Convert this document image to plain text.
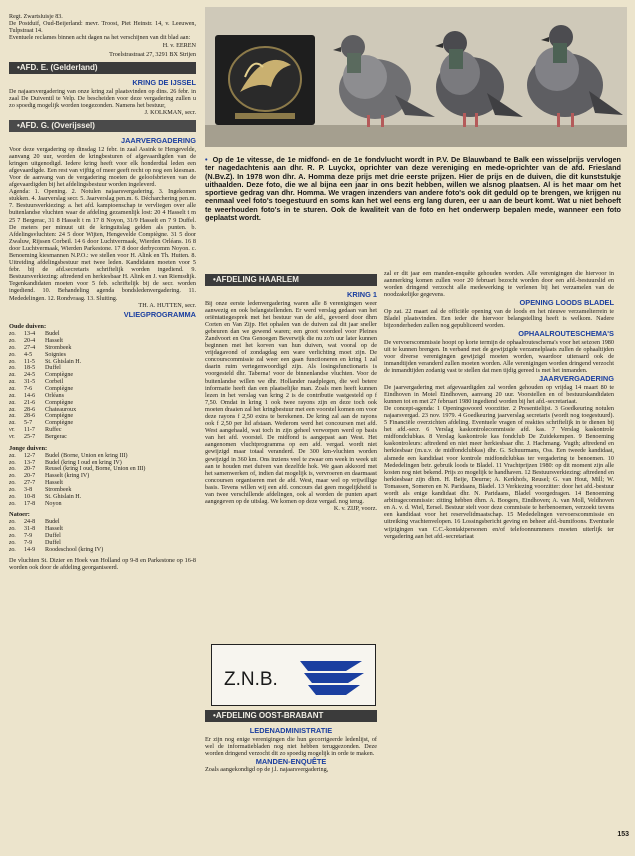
Regt. Zwartsluisje 83.

De Postduif, Oud-Beijerland: mevr. Troost, Piet Heinstr. 14, v. Leeuwen, Tulpstraat 14.

Eventuele reclames binnen acht dagen na het verschijnen van dit blad aan:

H. v. EEREN

Troelstrastraat 27, 3291 BX Strijen

• AFD. E. (Gelderland)
KRING DE IJSSEL

De najaarsvergadering van onze kring zal plaatsvinden op dins. 26 febr. in zaal De Duiventil te Velp. De bescheiden voor deze vergadering zullen u zo spoedig mogelijk worden toegezonden. Namens het bestuur,

J. KOLKMAN, secr.

• AFD. G. (Overijssel)
JAARVERGADERING

Voor deze vergadering op dinsdag 12 febr. in zaal Assink te Hengevelde, aanvang 20 uur, worden de kringbesturen of afgevaardigden van de kringen uitgenodigd. Iedere kring heeft voor elk honderdtal leden een afgevaardigde. Een rest van vijftig of meer geeft recht op nog een kiesman. Voor de aanvang van de vergadering moeten de geloofsbrieven van de afgevaardigden bij het afdelingsbestuur worden ingeleverd.

Agenda: 1. Opening. 2. Notulen najaarsvergadering. 3. Ingekomen stukken. 4. Jaarverslag secr. 5. Jaarverslag pen.m. 6. Décharchering pen.m. 7. Bestuursverkiezing: a. het afd. kampioenschap te vervliegen over alle buitenlandse vluchten waar de afdeling gezamenlijk lost: 20 4 Hasselt t m 25 7 Bergerac, 31 8 Hasselt t m 17 8 Noyon, 31/9 Hasselt en 7 9 Duffel. De meters per minuut uit de kringuitslag gelden als punten. b. Afdelingsvluchten: 24 5 door Wijten, Hengevelde Compiègne. 31 5 door Zwaluw, Rijssen Corbeil. 14 6 door Luchtvermaak, Wierden Orléans. 16 8 door Luchtvermaak, Wierden Parkestone. 17 8 door derbycomm Noyon. c. Benoeming kiesmannen N.P.O.: we stellen voor H. Alink en Th. Hutten. 8. Uitreiding afdelingsbestuur met twee leden. Kandidaten moeten voor 5 febr. bij de afd.secretaris schriftelijk worden ingediend. 9. Bestuursverkiezing: aftredend en herkiesbaar H. Alink en J. van Riemsdijk. Tegenkandidaten moeten voor 5 feb. schriftelijk bij de secr. worden ingediend. 10. Behandeling agenda bondsledenvergadering. 11. Mededelingen. 12. Rondvraag. 13. Sluiting.

TH. A. HUTTEN, secr.

VLIEGPROGRAMMA
Oude duiven:
zo.	13-4	Budel
zo.	20-4	Hasselt
zo.	27-4	Strombeek
zo.	4-5	Soignies
zo.	11-5	St. Ghislain H.
zo.	18-5	Duffel
za.	24-5	Compiègne
za.	31-5	Corbeil
za.	7-6	Compiègne
za.	14-6	Orléans
za.	21-6	Compiègne
za.	28-6	Chateauroux
za.	28-6	Compiègne
za.	5-7	Compiègne
vr.	11-7	Ruffec
vr.	25-7	Bergerac
Jonge duiven:
za.	12-7	Budel (Borne, Union en kring III)
zo.	13-7	Budel (kring I oud en kring IV)
zo.	20-7	Reusel (kring I oud, Borne, Union en III)
zo.	20-7	Hasselt (kring IV)
zo.	27-7	Hasselt
zo.	3-8	Strombeek
zo.	10-8	St. Ghislain H.
zo.	17-8	Noyon
Natoer:
zo.	24-8	Budel
zo.	31-8	Hasselt
zo.	7-9	Duffel
zo.	7-9	Duffel
zo.	14-9	Roodeschool (kring IV)

De vluchten St. Dizier en Hoek van Holland op 9-8 en Parkestone op 16-8 worden ook door de afdeling georganiseerd.

• Op de 1e vitesse, de 1e midfond- en de 1e fondvlucht wordt in P.V. De Blauwband te Balk een wisselprijs vervlogen ter nagedachtenis aan dhr. R. P. Luyckx, oprichter van deze vereniging en mede-oprichter van de afd. Friesland (N.Bv.Z). In 1978 won dhr. A. Homma deze prijs met drie eerste prijzen. Hier de prijs en de duiven, die dit kunststukje uithaalden. Deze foto, die we al bijna een jaar in ons bezit hebben, willen we alsnog plaatsen. Al is het maar om het sportieve gedrag van dhr. Homma. We vragen inzenders van andere foto's ook dit geduld op te brengen, we krijgen nu eenmaal veel foto's toegestuurd en soms kan het wel eens erg lang duren, eer u aan de beurt komt. Wat u niet behoeft te weerhouden foto's in te sturen. Ook de kwaliteit van de foto en het onderwerp bepalen mede, wanneer een foto geplaatst wordt.
• AFDELING HAARLEM
KRING 1

Bij onze eerste ledenvergadering waren alle 8 verenigingen weer aanwezig en ook belangstellenden. Er werd verslag gedaan van het oriëntatiegesprek met het bestuur van de afd., gevoerd door dhrn Corten en Van Zijp. Het ophalen van de duiven zal dit jaar sneller gebeuren dan we gewend waren; een groot voordeel voor Pleines Zandvoort en Ons Genoegen Beverwijk die nu zo'n uur later kunnen beginnen met het korven van hun duiven, wat vooral op de vrijdagavond of zondagdag een ware verlichting moet zijn. De concourscommissie zal weer een gaan functioneren en kring 1 zal daarin ruim vertegenwoordigd zijn. Als losingsfunctionaris is voorgesteld dhr. Taberna! voor de binnenlandse vluchten. Voor de buitenlandse willen we dhr. Hollander raadplegen, die wel betere informatie heeft dan een plaatselijke man. Zoals men heeft kunnen lezen in het verslag van kring 2 is de contributie vastgesteld op f 7,50. Omdat in kring 1 ook twee rayons zijn en deze toch ook moeten draaien zal het kringbestuur met een voorstel komen om voor deze rayons f 2,50 extra te berekenen. De kring zal aan de rayons ook f 2,50 per lid afstaan. Wederom werd het concoursen met afd. West aangehaald, wat toch in zijn geheel verworpen werd op basis van het afd. voorstel. De midfond is aangepast aan West. Het aangenomen vluchtprogramma op een afd. vergad. wordt niet gewijzigd maar totaal veranderd. De 300 km-vluchten worden gewijzigd in 360 km. Ons inziens veel te zwaar om week in week uit aan te houden met duiven van dezelfde hok. We gaan akkoord met het samenwerken of, indien dat mogelijk is, vervroeren en daarmaast concoursen organiseren met de afd. West, maar wel op vrijwillige basis. Tevens willen wij een afd. concours dat geen mogelijkheid is van twee verschillende afdelingen, ook al worden de punten apart aangegeven op de uitslag. We komen op deze vergad. nog terug.

K. v. ZIJP, voorz.

Z.N.B.
• AFDELING OOST-BRABANT
LEDENADMINISTRATIE

Er zijn nog enige verenigingen die hun gecorrigeerde ledenlijst, of wel de informatiebladen nog niet hebben teruggezonden. Deze worden dringend verzocht dit zo spoedig mogelijk in orde te maken.

MANDEN-ENQUÊTE

Zoals aangekondigd op de j.l. najaarsvergadering,

zal er dit jaar een manden-enquête gehouden worden. Alle verenigingen die hiervoor in aanmerking komen zullen voor 20 februari bezocht worden door een afd.-bestuurslid en worden dringend verzocht alle medewerking te verlenen bij het verzamelen van de noodzakelijke gegevens.

OPENING LOODS BLADEL

Op zat. 22 maart zal de officiële opening van de loods en het nieuwe verzamelterrein te Bladel plaatsvinden. Een ieder die hiervoor belangstelling heeft is welkom. Nadere bijzonderheden zullen nog gepubliceerd worden.

OPHAALROUTESCHEMA'S

De vervoerscommissie hoopt op korte termijn de ophaalrouteschema's voor het seizoen 1980 uit te kunnen brengen. In verband met de gewijzigde verzamelplaats zullen de ophaaltijden voor diverse verenigingen gewijzigd moeten worden, waardoor uiteraard ook de inmandtijden veranderd zullen moeten worden. Alle verenigingen worden dringend verzocht de inmandtijden zodanig vast te stellen dat men tijdig gereed is met het inmanden.

JAARVERGADERING

De jaarvergadering met afgevaardigden zal worden gehouden op vrijdag 14 maart 80 te Eindhoven in Motel Eindhoven, aanvang 20 uur. Voorstellen en of bestuurskandidaten kunnen tot en met 27 februari 1980 ingediend worden bij het afd.-secretariaat.

De concept-agenda: 1 Openingswoord voorzitter. 2 Presentielijst. 3 Goedkeuring notulen najaarsvergad. 23 nov. 1979. 4 Goedkeuring jaarverslag secretaris (wordt nog toegestuurd). 5 Financiële overzichten afdeling. Eventuele vragen of reakties schriftelijk in te dienen bij het afd.-secr. 6 Verslag kaskontrolecommissie afd. kas. 7 Verslag kaskontrole midfondclubkas. 8 Verslag kaskontrole kas fondclub De Zuidekempen. 9 Benoeming kaskontroleurs: aftredend en niet meer herkiesbaar dhr. J. Hachmang. Vugth; aftredend en herkiesbaar (m.u.v. de midfondclubkas) dhr. G. Schuurmans, Oss. Een tweede kandidaat, alsmede een kandidaat voor kontrole midfondclubkas ter vergadering te benoemen. 10 Mededelingen betr. gebruik loods te Bladel. 11 Vrachtprijzen 1980: op dit moment zijn alle kosten nog niet bekend. Prijs zo mogelijk te handhaven. 12 Bestuursverkiezing: aftredend en herkiesbaar zijn dhrn. H. Beije, Deurne; A. Kerkhofs, Reusel; G. van Hout, Mill; W. Tomassen, Someren en N. Paridaans, Bladel. 13 Verkiezing voorzitter: door het afd.-bestuur wordt als enige kandidaat dhr. N. Paridaans, Bladel voorgedragen. 14 Benoeming arbitragecommissie: zitting hebben dhrn. A. Boogers, Eindhoven; A. van Moll, Veldhoven en A. v. d. Wiel, Eersel. Bestuur stelt voor deze commissie te herbenoemen, verzoekt tevens een kandidaat voor het reservelidmaatschap. 15 Mededelingen vervoerscommissie en uitreiking vrachtenvelopen. 16 Lossingsbericht geving en beheer afd.-bumifoons. Eventuele wijzigingen van C.C.-kontaktpersonen en/of telefoonnummers moeten uiterlijk ter vergadering aan het afd.-secretariaat

153
